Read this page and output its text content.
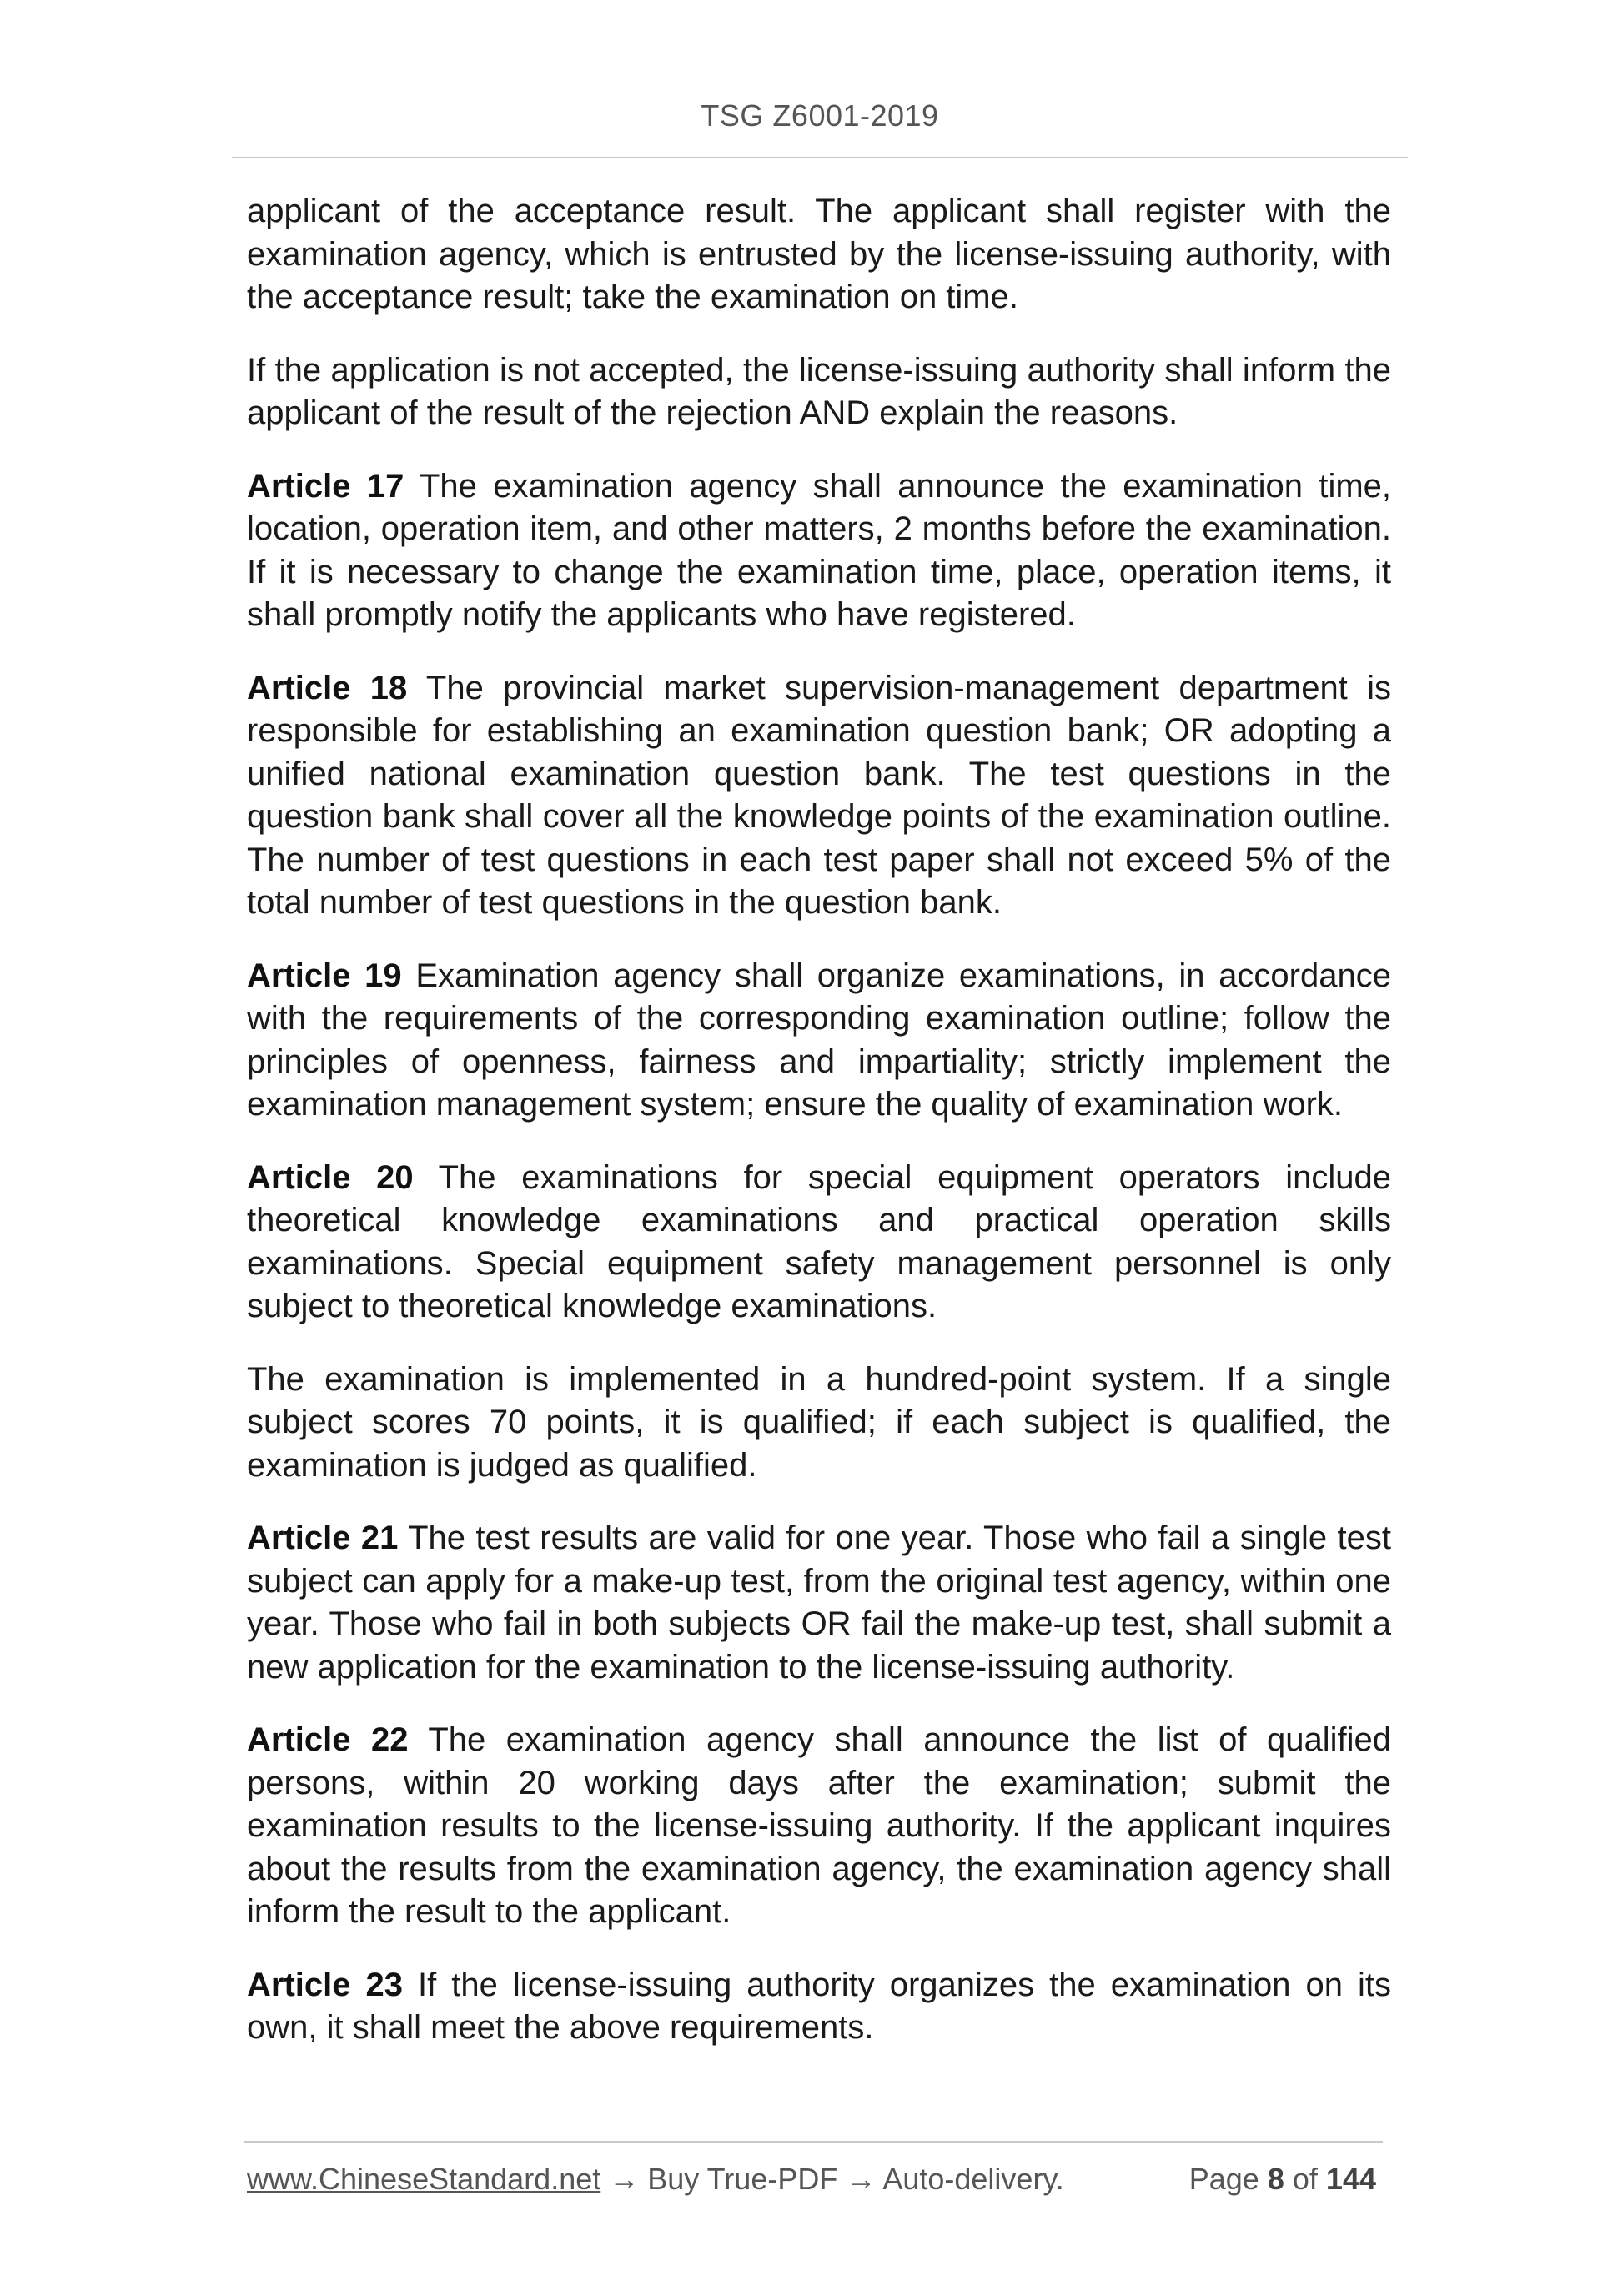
TSG Z6001-2019

applicant of the acceptance result. The applicant shall register with the examination agency, which is entrusted by the license-issuing authority, with the acceptance result; take the examination on time.

If the application is not accepted, the license-issuing authority shall inform the applicant of the result of the rejection AND explain the reasons.

Article 17 The examination agency shall announce the examination time, location, operation item, and other matters, 2 months before the examination. If it is necessary to change the examination time, place, operation items, it shall promptly notify the applicants who have registered.

Article 18 The provincial market supervision-management department is responsible for establishing an examination question bank; OR adopting a unified national examination question bank. The test questions in the question bank shall cover all the knowledge points of the examination outline. The number of test questions in each test paper shall not exceed 5% of the total number of test questions in the question bank.

Article 19 Examination agency shall organize examinations, in accordance with the requirements of the corresponding examination outline; follow the principles of openness, fairness and impartiality; strictly implement the examination management system; ensure the quality of examination work.

Article 20 The examinations for special equipment operators include theoretical knowledge examinations and practical operation skills examinations. Special equipment safety management personnel is only subject to theoretical knowledge examinations.

The examination is implemented in a hundred-point system. If a single subject scores 70 points, it is qualified; if each subject is qualified, the examination is judged as qualified.

Article 21 The test results are valid for one year. Those who fail a single test subject can apply for a make-up test, from the original test agency, within one year. Those who fail in both subjects OR fail the make-up test, shall submit a new application for the examination to the license-issuing authority.

Article 22 The examination agency shall announce the list of qualified persons, within 20 working days after the examination; submit the examination results to the license-issuing authority. If the applicant inquires about the results from the examination agency, the examination agency shall inform the result to the applicant.

Article 23 If the license-issuing authority organizes the examination on its own, it shall meet the above requirements.

www.ChineseStandard.net → Buy True-PDF → Auto-delivery.	Page 8 of 144
